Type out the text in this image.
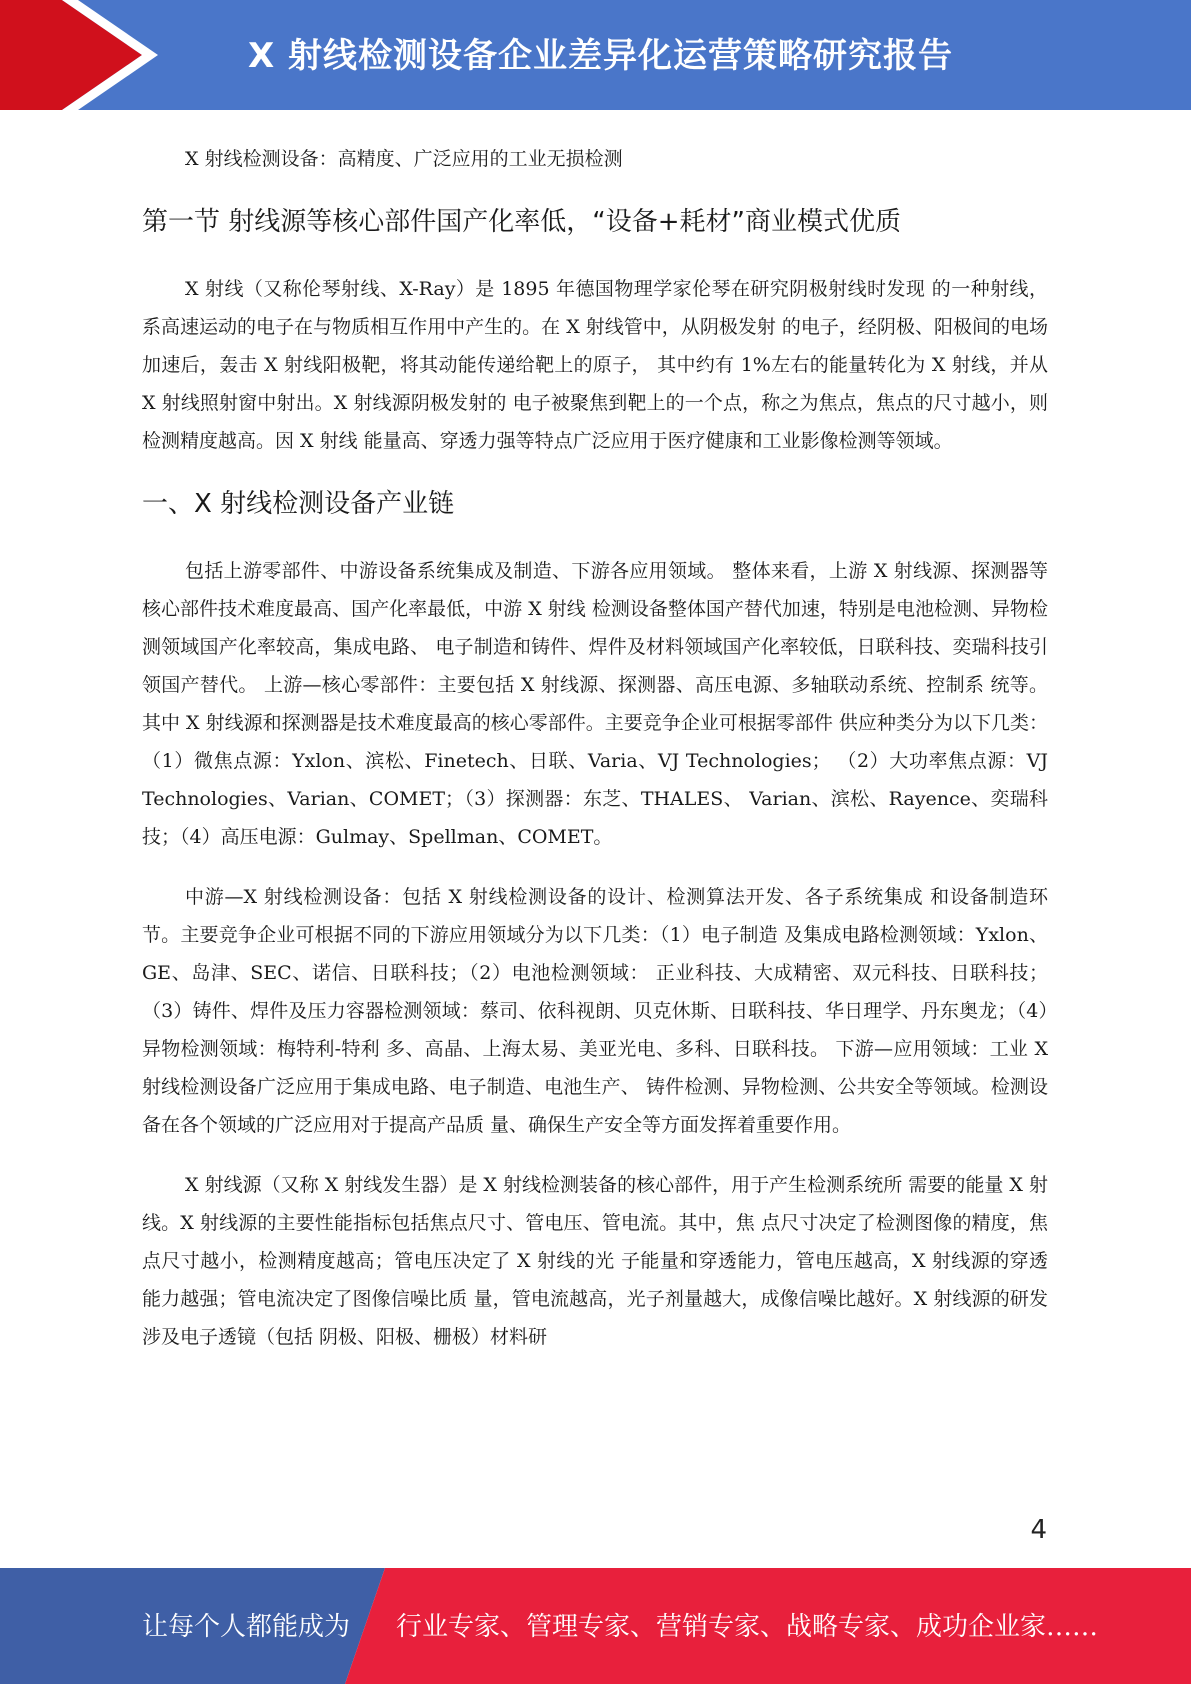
X 射线检测设备企业差异化运营策略研究报告

X 射线检测设备：高精度、广泛应用的工业无损检测

第一节 射线源等核心部件国产化率低，“设备+耗材”商业模式优质

X 射线（又称伦琴射线、X-Ray）是 1895 年德国物理学家伦琴在研究阴极射线时发现 的一种射线，系高速运动的电子在与物质相互作用中产生的。在 X 射线管中，从阴极发射 的电子，经阴极、阳极间的电场加速后，轰击 X 射线阳极靶，将其动能传递给靶上的原子， 其中约有 1%左右的能量转化为 X 射线，并从 X 射线照射窗中射出。X 射线源阴极发射的 电子被聚焦到靶上的一个点，称之为焦点，焦点的尺寸越小，则检测精度越高。因 X 射线 能量高、穿透力强等特点广泛应用于医疗健康和工业影像检测等领域。

一、X 射线检测设备产业链

包括上游零部件、中游设备系统集成及制造、下游各应用领域。 整体来看，上游 X 射线源、探测器等核心部件技术难度最高、国产化率最低，中游 X 射线 检测设备整体国产替代加速，特别是电池检测、异物检测领域国产化率较高，集成电路、 电子制造和铸件、焊件及材料领域国产化率较低，日联科技、奕瑞科技引领国产替代。 上游—核心零部件：主要包括 X 射线源、探测器、高压电源、多轴联动系统、控制系 统等。其中 X 射线源和探测器是技术难度最高的核心零部件。主要竞争企业可根据零部件 供应种类分为以下几类：（1）微焦点源：Yxlon、滨松、Finetech、日联、Varia、VJ Technologies； （2）大功率焦点源：VJ Technologies、Varian、COMET；（3）探测器：东芝、THALES、 Varian、滨松、Rayence、奕瑞科技；（4）高压电源：Gulmay、Spellman、COMET。

中游—X 射线检测设备：包括 X 射线检测设备的设计、检测算法开发、各子系统集成 和设备制造环节。主要竞争企业可根据不同的下游应用领域分为以下几类：（1）电子制造 及集成电路检测领域：Yxlon、GE、岛津、SEC、诺信、日联科技；（2）电池检测领域： 正业科技、大成精密、双元科技、日联科技；（3）铸件、焊件及压力容器检测领域：蔡司、依科视朗、贝克休斯、日联科技、华日理学、丹东奥龙；（4）异物检测领域：梅特利-特利 多、高晶、上海太易、美亚光电、多科、日联科技。 下游—应用领域：工业 X 射线检测设备广泛应用于集成电路、电子制造、电池生产、 铸件检测、异物检测、公共安全等领域。检测设备在各个领域的广泛应用对于提高产品质 量、确保生产安全等方面发挥着重要作用。

X 射线源（又称 X 射线发生器）是 X 射线检测装备的核心部件，用于产生检测系统所 需要的能量 X 射线。X 射线源的主要性能指标包括焦点尺寸、管电压、管电流。其中，焦 点尺寸决定了检测图像的精度，焦点尺寸越小，检测精度越高；管电压决定了 X 射线的光 子能量和穿透能力，管电压越高，X 射线源的穿透能力越强；管电流决定了图像信噪比质 量，管电流越高，光子剂量越大，成像信噪比越好。X 射线源的研发涉及电子透镜（包括 阴极、阳极、栅极）材料研

4
让每个人都能成为 行业专家、管理专家、营销专家、战略专家、成功企业家……
